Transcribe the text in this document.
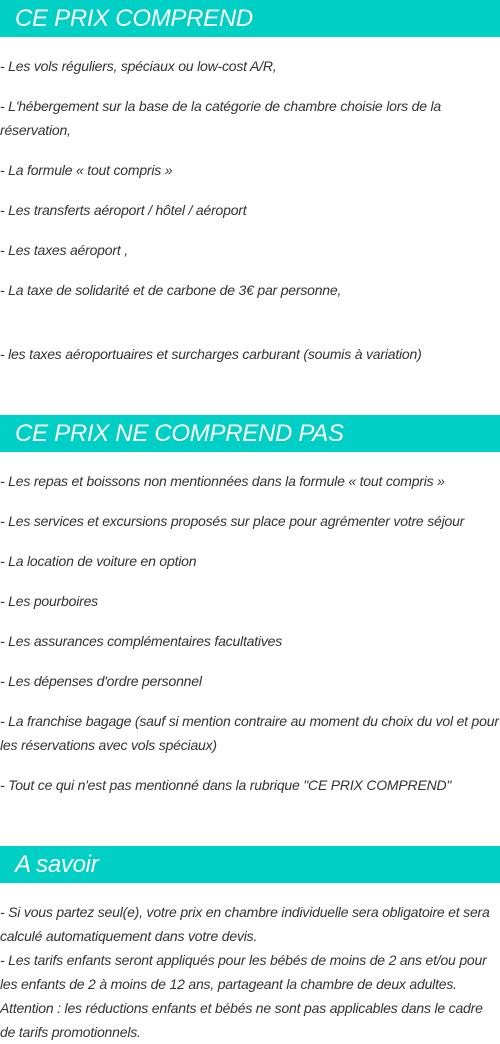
CE PRIX COMPREND

- Les vols réguliers, spéciaux ou low-cost A/R,

- L'hébergement sur la base de la catégorie de chambre choisie lors de la réservation,

- La formule « tout compris »

- Les transferts aéroport / hôtel / aéroport

- Les taxes aéroport ,

- La taxe de solidarité et de carbone de 3€ par personne,

- les taxes aéroportuaires et surcharges carburant (soumis à variation)

CE PRIX NE COMPREND PAS

- Les repas et boissons non mentionnées dans la formule « tout compris »

- Les services et excursions proposés sur place pour agrémenter votre séjour

- La location de voiture en option

- Les pourboires

- Les assurances complémentaires facultatives

- Les dépenses d'ordre personnel

- La franchise bagage (sauf si mention contraire au moment du choix du vol et pour les réservations avec vols spéciaux)

- Tout ce qui n'est pas mentionné dans la rubrique "CE PRIX COMPREND"

A savoir
- Si vous partez seul(e), votre prix en chambre individuelle sera obligatoire et sera calculé automatiquement dans votre devis.
- Les tarifs enfants seront appliqués pour les bébés de moins de 2 ans et/ou pour les enfants de 2 à moins de 12 ans, partageant la chambre de deux adultes.
Attention : les réductions enfants et bébés ne sont pas applicables dans le cadre de tarifs promotionnels.
